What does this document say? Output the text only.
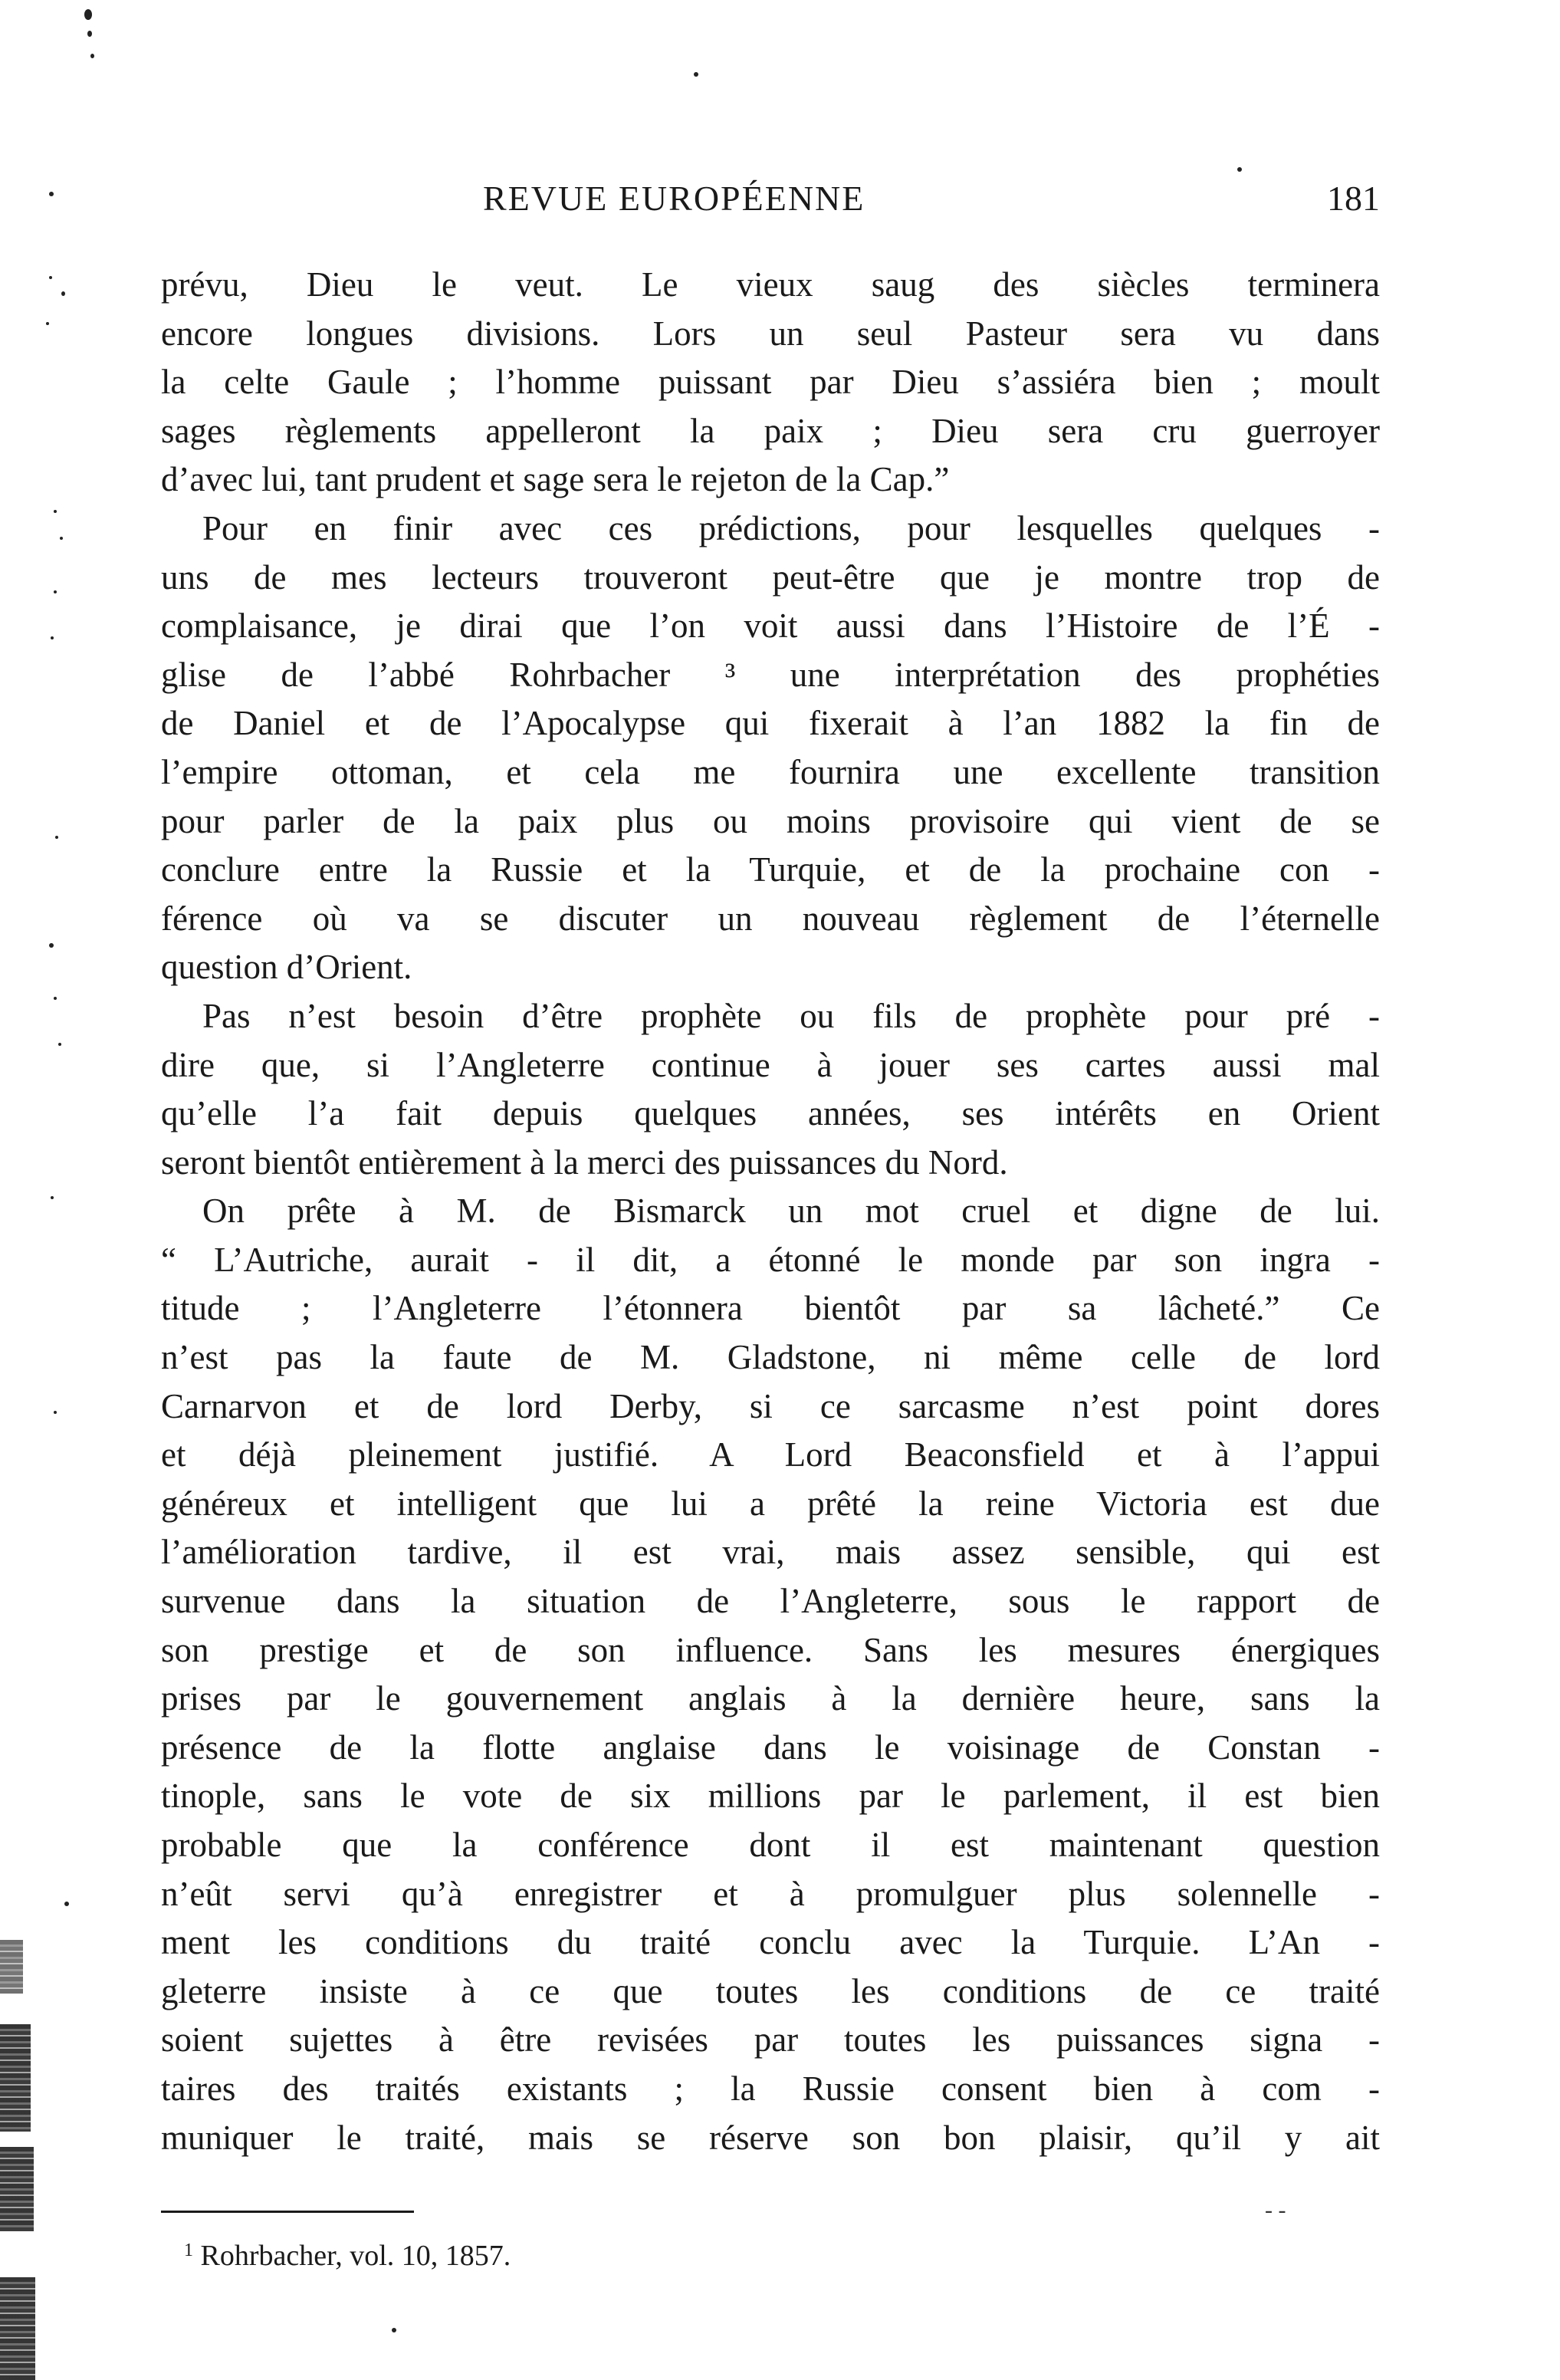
REVUE EUROPÉENNE	181
prévu, Dieu le veut. Le vieux saug des siècles terminera
encore longues divisions. Lors un seul Pasteur sera vu dans
la celte Gaule ; l’homme puissant par Dieu s’assiéra bien ; moult
sages règlements appelleront la paix ; Dieu sera cru guerroyer
d’avec lui, tant prudent et sage sera le rejeton de la Cap.”
Pour en finir avec ces prédictions, pour lesquelles quelques -
uns de mes lecteurs trouveront peut-être que je montre trop de
complaisance, je dirai que l’on voit aussi dans l’Histoire de l’É -
glise de l’abbé Rohrbacher ³ une interprétation des prophéties
de Daniel et de l’Apocalypse qui fixerait à l’an 1882 la fin de
l’empire ottoman, et cela me fournira une excellente transition
pour parler de la paix plus ou moins provisoire qui vient de se
conclure entre la Russie et la Turquie, et de la prochaine con -
férence où va se discuter un nouveau règlement de l’éternelle
question d’Orient.
Pas n’est besoin d’être prophète ou fils de prophète pour pré -
dire que, si l’Angleterre continue à jouer ses cartes aussi mal
qu’elle l’a fait depuis quelques années, ses intérêts en Orient
seront bientôt entièrement à la merci des puissances du Nord.
On prête à M. de Bismarck un mot cruel et digne de lui.
“ L’Autriche, aurait - il dit, a étonné le monde par son ingra -
titude ; l’Angleterre l’étonnera bientôt par sa lâcheté.” Ce
n’est pas la faute de M. Gladstone, ni même celle de lord
Carnarvon et de lord Derby, si ce sarcasme n’est point dores
et déjà pleinement justifié. A Lord Beaconsfield et à l’appui
généreux et intelligent que lui a prêté la reine Victoria est due
l’amélioration tardive, il est vrai, mais assez sensible, qui est
survenue dans la situation de l’Angleterre, sous le rapport de
son prestige et de son influence. Sans les mesures énergiques
prises par le gouvernement anglais à la dernière heure, sans la
présence de la flotte anglaise dans le voisinage de Constan -
tinople, sans le vote de six millions par le parlement, il est bien
probable que la conférence dont il est maintenant question
n’eût servi qu’à enregistrer et à promulguer plus solennelle -
ment les conditions du traité conclu avec la Turquie. L’An -
gleterre insiste à ce que toutes les conditions de ce traité
soient sujettes à être revisées par toutes les puissances signa -
taires des traités existants ; la Russie consent bien à com -
muniquer le traité, mais se réserve son bon plaisir, qu’il y ait
- -
$^1$ Rohrbacher, vol. 10, 1857.
